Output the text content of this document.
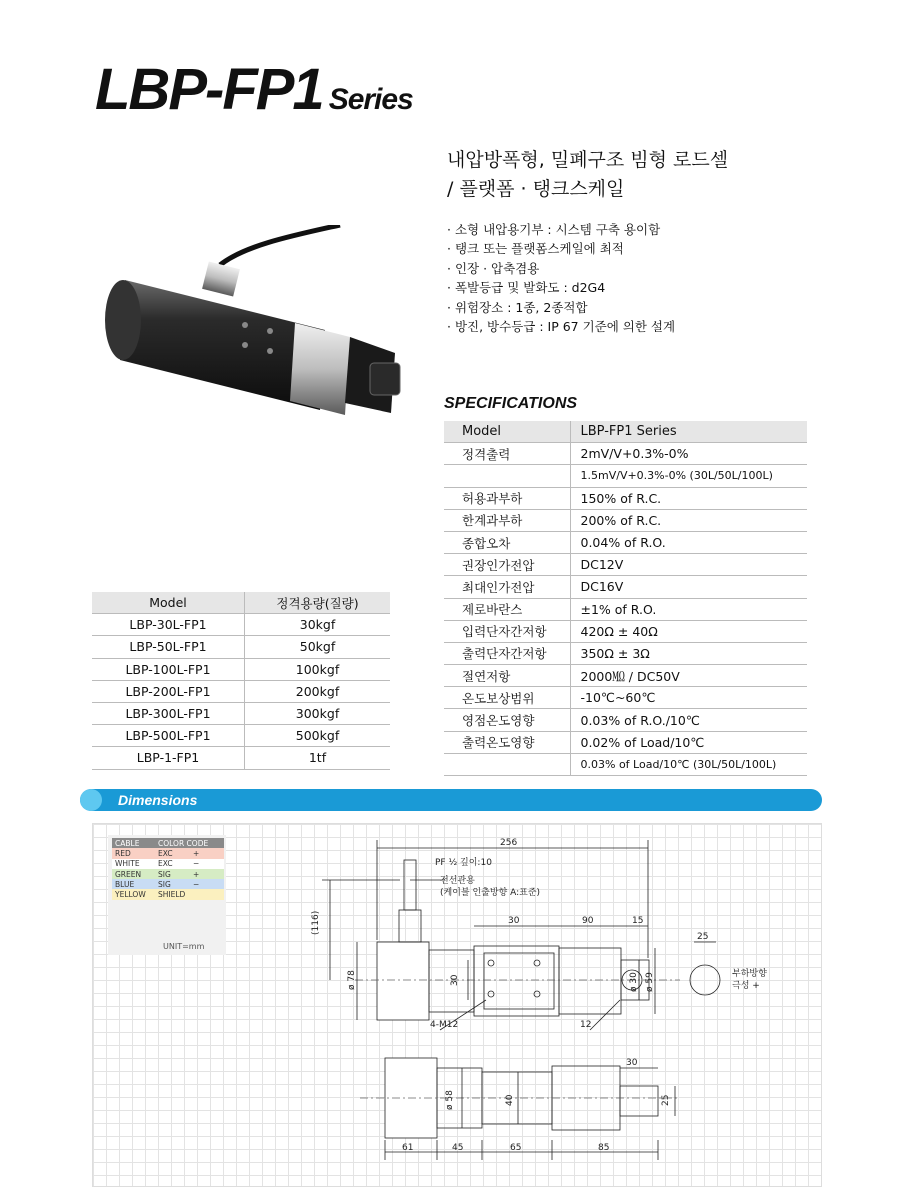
LBP-FP1 Series
내압방폭형, 밀폐구조 빔형 로드셀
/ 플랫폼 · 탱크스케일
· 소형 내압용기부 : 시스템 구축 용이함
· 탱크 또는 플랫폼스케일에 최적
· 인장 · 압축겸용
· 폭발등급 및 발화도 : d2G4
· 위험장소 : 1종, 2종적합
· 방진, 방수등급 : IP 67 기준에 의한 설계
SPECIFICATIONS
Model	LBP-FP1 Series
정격출력	2mV/V+0.3%-0%
	1.5mV/V+0.3%-0% (30L/50L/100L)
허용과부하	150% of R.C.
한계과부하	200% of R.C.
종합오차	0.04% of R.O.
권장인가전압	DC12V
최대인가전압	DC16V
제로바란스	±1% of R.O.
입력단자간저항	420Ω ± 40Ω
출력단자간저항	350Ω ± 3Ω
절연저항	2000㏁ / DC50V
온도보상범위	-10℃~60℃
영점온도영향	0.03% of R.O./10℃
출력온도영향	0.02% of Load/10℃
	0.03% of Load/10℃ (30L/50L/100L)
Model	정격용량(질량)
LBP-30L-FP1	30kgf
LBP-50L-FP1	50kgf
LBP-100L-FP1	100kgf
LBP-200L-FP1	200kgf
LBP-300L-FP1	300kgf
LBP-500L-FP1	500kgf
LBP-1-FP1	1tf
Dimensions
CABLE	COLOR CODE	
RED	EXC	+
WHITE	EXC	−
GREEN	SIG	+
BLUE	SIG	−
YELLOW	SHIELD	
UNIT=mm
256
PF ½ 깊이:10
전선관용
(케이블 인출방향 A:표준)
(116)
ø 78
30	90	15
25
30	ø 30 ø 59
4-M12	12
부하방향
극성 +
30
ø 58	40	25
61	45	65	85
